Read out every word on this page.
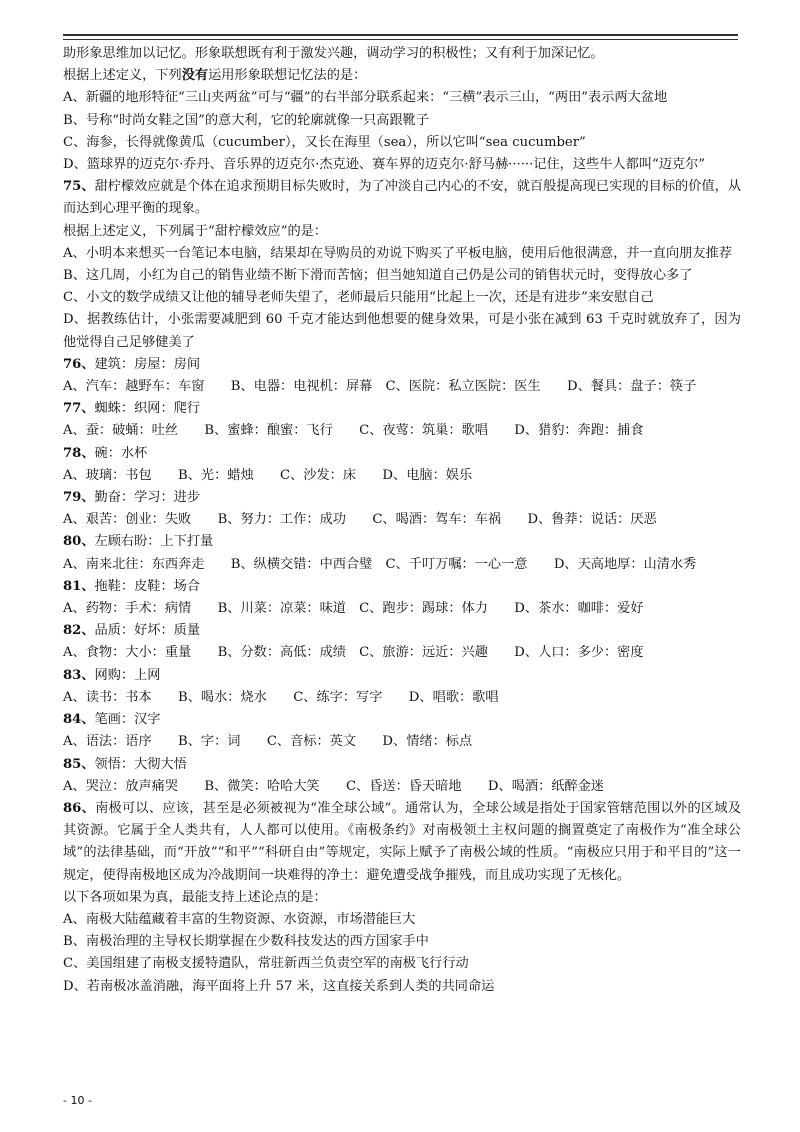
助形象思维加以记忆。形象联想既有利于激发兴趣，调动学习的积极性；又有利于加深记忆。

根据上述定义，下列没有运用形象联想记忆法的是：

A、新疆的地形特征“三山夹两盆”可与“疆”的右半部分联系起来：“三横”表示三山，“两田”表示两大盆地

B、号称“时尚女鞋之国”的意大利，它的轮廓就像一只高跟靴子

C、海参，长得就像黄瓜（cucumber），又长在海里（sea），所以它叫“sea cucumber”

D、篮球界的迈克尔·乔丹、音乐界的迈克尔·杰克逊、赛车界的迈克尔·舒马赫······记住，这些牛人都叫“迈克尔”

75、甜柠檬效应就是个体在追求预期目标失败时，为了冲淡自己内心的不安，就百般提高现已实现的目标的价值，从而达到心理平衡的现象。

根据上述定义，下列属于“甜柠檬效应”的是：

A、小明本来想买一台笔记本电脑，结果却在导购员的劝说下购买了平板电脑，使用后他很满意，并一直向朋友推荐

B、这几周，小红为自己的销售业绩不断下滑而苦恼；但当她知道自己仍是公司的销售状元时，变得放心多了

C、小文的数学成绩又让他的辅导老师失望了，老师最后只能用“比起上一次，还是有进步”来安慰自己

D、据教练估计，小张需要减肥到 60 千克才能达到他想要的健身效果，可是小张在减到 63 千克时就放弃了，因为他觉得自己足够健美了

76、建筑：房屋：房间

A、汽车：越野车：车窗　　B、电器：电视机：屏幕　C、医院：私立医院：医生　　D、餐具：盘子：筷子

77、蜘蛛：织网：爬行

A、蚕：破蛹：吐丝　　B、蜜蜂：酿蜜：飞行　　C、夜莺：筑巢：歌唱　　D、猎豹：奔跑：捕食

78、碗：水杯

A、玻璃：书包　　B、光：蜡烛　　C、沙发：床　　D、电脑：娱乐

79、勤奋：学习：进步

A、艰苦：创业：失败　　B、努力：工作：成功　　C、喝酒：驾车：车祸　　D、鲁莽：说话：厌恶

80、左顾右盼：上下打量

A、南来北往：东西奔走　　B、纵横交错：中西合璧　C、千叮万嘱：一心一意　　D、天高地厚：山清水秀

81、拖鞋：皮鞋：场合

A、药物：手术：病情　　B、川菜：凉菜：味道　C、跑步：踢球：体力　　D、茶水：咖啡：爱好

82、品质：好坏：质量

A、食物：大小：重量　　B、分数：高低：成绩　C、旅游：远近：兴趣　　D、人口：多少：密度

83、网购：上网

A、读书：书本　　B、喝水：烧水　　C、练字：写字　　D、唱歌：歌唱

84、笔画：汉字

A、语法：语序　　B、字：词　　C、音标：英文　　D、情绪：标点

85、领悟：大彻大悟

A、哭泣：放声痛哭　　B、微笑：哈哈大笑　　C、昏送：昏天暗地　　D、喝酒：纸醉金迷

86、南极可以、应该，甚至是必须被视为“准全球公域”。通常认为，全球公域是指处于国家管辖范围以外的区域及其资源。它属于全人类共有，人人都可以使用。《南极条约》对南极领土主权问题的搁置奠定了南极作为“准全球公域”的法律基础，而“开放”“和平”“科研自由”等规定，实际上赋予了南极公域的性质。“南极应只用于和平目的”这一规定，使得南极地区成为冷战期间一块难得的净土：避免遭受战争摧残，而且成功实现了无核化。

以下各项如果为真，最能支持上述论点的是：

A、南极大陆蕴藏着丰富的生物资源、水资源，市场潜能巨大

B、南极治理的主导权长期掌握在少数科技发达的西方国家手中

C、美国组建了南极支援特遣队，常驻新西兰负责空军的南极飞行行动

D、若南极冰盖消融，海平面将上升 57 米，这直接关系到人类的共同命运

- 10 -
